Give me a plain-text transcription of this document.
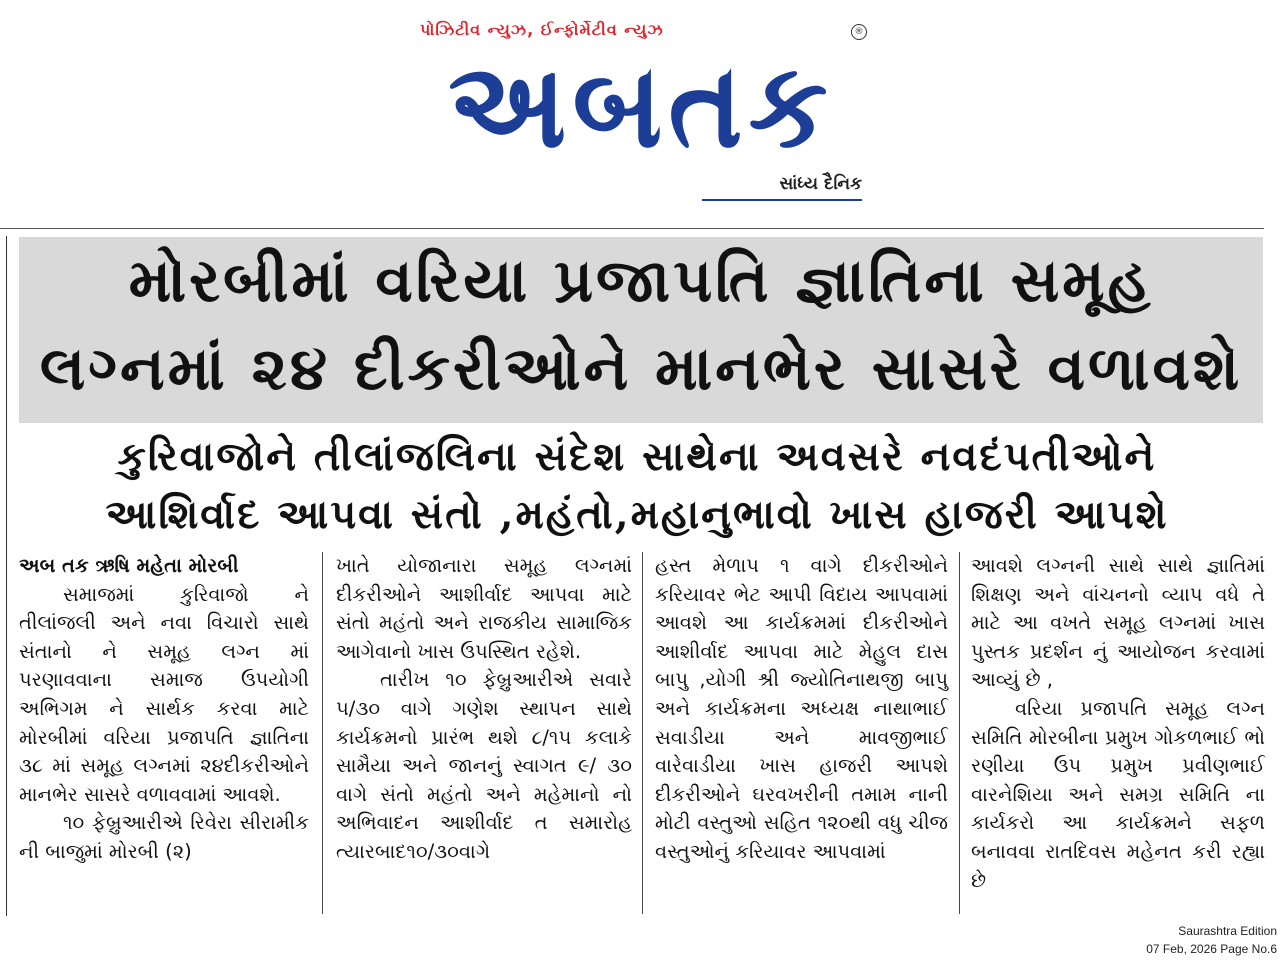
પોઝિટીવ ન્યુઝ, ઈન્ફોર્મેટીવ ન્યુઝ	®
અબતક
સાંધ્ય દૈનિક
મોરબીમાં વરિયા પ્રજાપતિ જ્ઞાતિના સમૂહ
લગ્નમાં ૨૪ દીકરીઓને માનભેર સાસરે વળાવશે
કુરિવાજોને તીલાંજલિના સંદેશ સાથેના અવસરે નવદંપતીઓને
આશિર્વાદ આપવા સંતો ,મહંતો,મહાનુભાવો ખાસ હાજરી આપશે

અબ તક ઋષિ મહેતા મોરબી

સમાજમાં કુરિવાજો ને તીલાંજલી અને નવા વિચારો સાથે સંતાનો ને સમૂહ લગ્ન માં પરણાવવાના સમાજ ઉપયોગી અભિગમ ને સાર્થક કરવા માટે મોરબીમાં વરિયા પ્રજાપતિ જ્ઞાતિના ૩૮ માં સમૂહ લગ્નમાં ૨૪દીકરીઓને માનભેર સાસરે વળાવવામાં આવશે.

૧૦ ફેબ્રુઆરીએ રિવેરા સીરામીક ની બાજુમાં મોરબી (૨)

ખાતે યોજાનારા સમૂહ લગ્નમાં દીકરીઓને આશીર્વાદ આપવા માટે સંતો મહંતો અને રાજકીય સામાજિક આગેવાનો ખાસ ઉપસ્થિત રહેશે.

તારીખ ૧૦ ફેબ્રુઆરીએ સવારે ૫/૩૦ વાગે ગણેશ સ્થાપન સાથે કાર્યક્રમનો પ્રારંભ થશે ૮/૧૫ કલાકે સામૈયા અને જાનનું સ્વાગત ૯/ ૩૦ વાગે સંતો મહંતો અને મહેમાનો નો અભિવાદન આશીર્વાદ ત સમારોહ ત્યારબાદ૧૦/૩૦વાગે

હસ્ત મેળાપ ૧ વાગે દીકરીઓને કરિયાવર ભેટ આપી વિદાય આપવામાં આવશે આ કાર્યક્રમમાં દીકરીઓને આશીર્વાદ આપવા માટે મેહુલ દાસ બાપુ ,યોગી શ્રી જ્યોતિનાથજી બાપુ અને કાર્યક્રમના અધ્યક્ષ નાથાભાઈ સવાડીયા અને માવજીભાઈ વારેવાડીયા ખાસ હાજરી આપશે દીકરીઓને ઘરવખરીની તમામ નાની મોટી વસ્તુઓ સહિત ૧૨૦થી વધુ ચીજ વસ્તુઓનું કરિયાવર આપવામાં

આવશે લગ્નની સાથે સાથે જ્ઞાતિમાં શિક્ષણ અને વાંચનનો વ્યાપ વધે તે માટે આ વખતે સમૂહ લગ્નમાં ખાસ પુસ્તક પ્રદર્શન નું આયોજન કરવામાં આવ્યું છે ,

વરિયા પ્રજાપતિ સમૂહ લગ્ન સમિતિ મોરબીના પ્રમુખ ગોકળભાઈ ભો રણીયા ઉપ પ્રમુખ પ્રવીણભાઈ વારનેશિયા અને સમગ્ર સમિતિ ના કાર્યકરો આ કાર્યક્રમને સફળ બનાવવા રાતદિવસ મહેનત કરી રહ્યા છે

Saurashtra Edition
07 Feb, 2026 Page No.6
